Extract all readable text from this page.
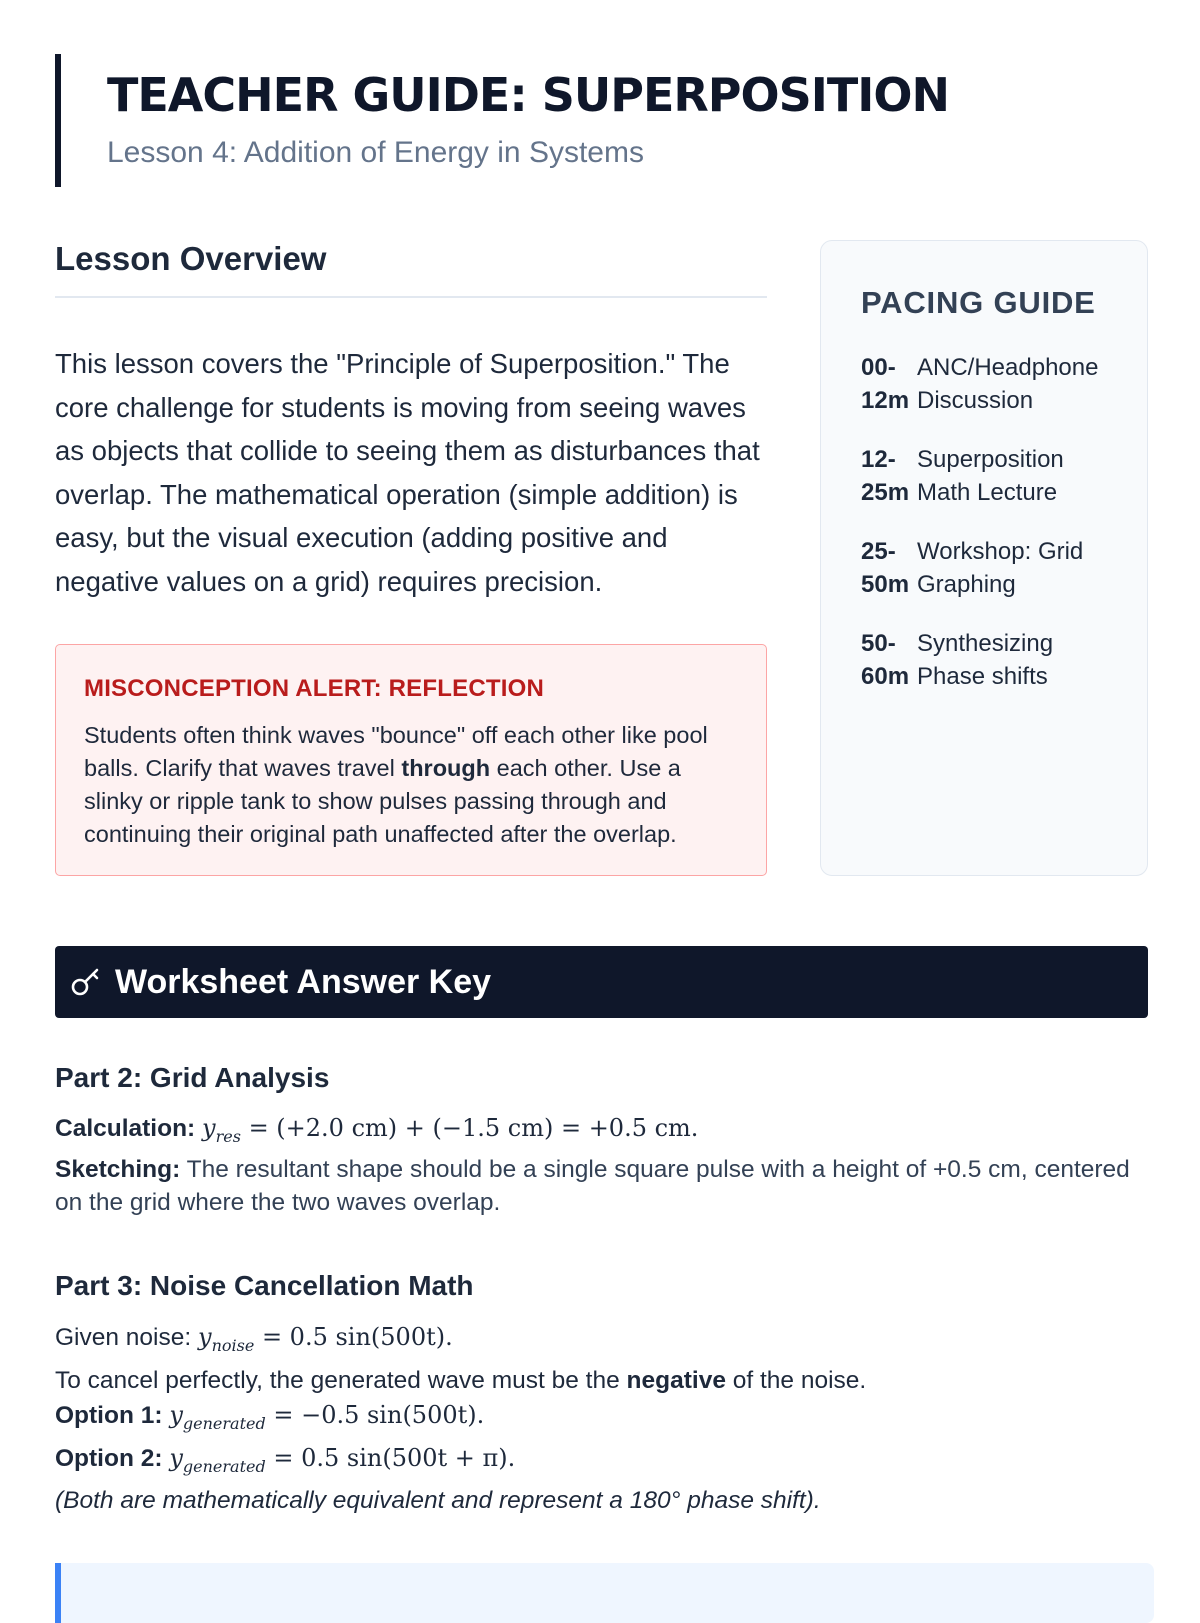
TEACHER GUIDE: SUPERPOSITION

Lesson 4: Addition of Energy in Systems

Lesson Overview

This lesson covers the "Principle of Superposition." The core challenge for students is moving from seeing waves as objects that collide to seeing them as disturbances that overlap. The mathematical operation (simple addition) is easy, but the visual execution (adding positive and negative values on a grid) requires precision.

MISCONCEPTION ALERT: REFLECTION

Students often think waves "bounce" off each other like pool balls. Clarify that waves travel through each other. Use a slinky or ripple tank to show pulses passing through and continuing their original path unaffected after the overlap.

PACING GUIDE
00-12m
ANC/Headphone Discussion
12-25m
Superposition Math Lecture
25-50m
Workshop: Grid Graphing
50-60m
Synthesizing Phase shifts
Worksheet Answer Key
Part 2: Grid Analysis

Calculation: $y_{res} = (+2.0$ cm) + (−1.5 cm) = +0.5 cm.

Sketching: The resultant shape should be a single square pulse with a height of +0.5 cm, centered on the grid where the two waves overlap.

Part 3: Noise Cancellation Math

Given noise: $y_{noise} = 0.5$ sin(500t).

To cancel perfectly, the generated wave must be the negative of the noise.

Option 1: $y_{generated} = -0.5$ sin(500t).

Option 2: $y_{generated} = 0.5$ sin(500t + π).

(Both are mathematically equivalent and represent a 180° phase shift).
